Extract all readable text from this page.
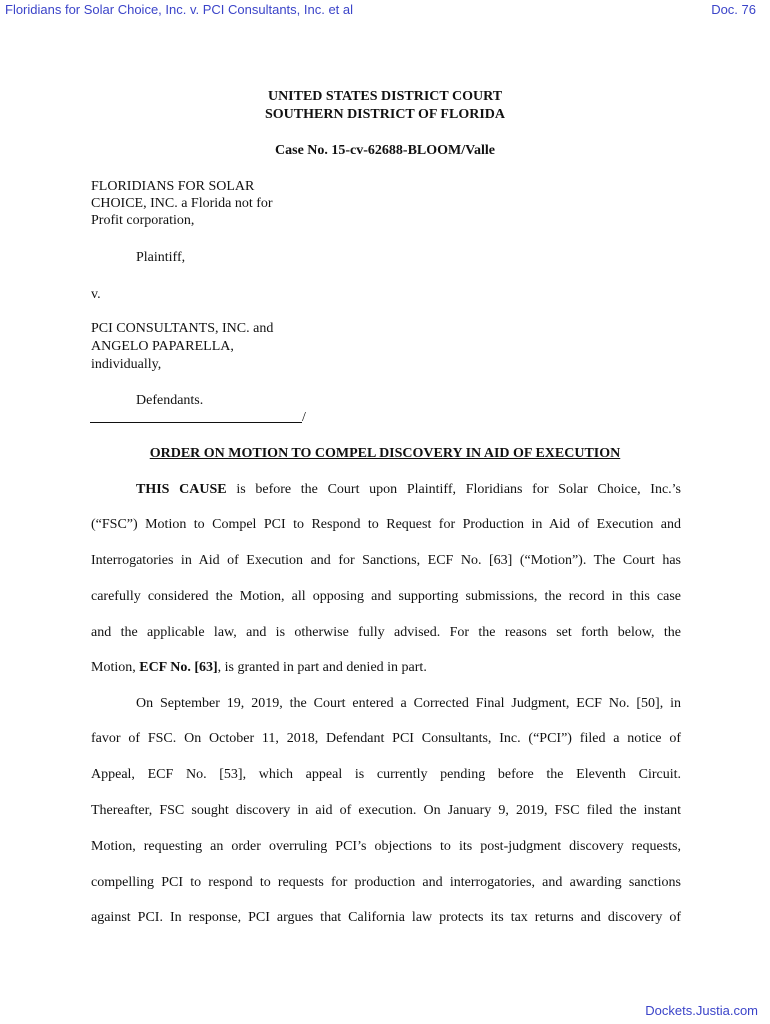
Floridians for Solar Choice, Inc. v. PCI Consultants, Inc. et al	Doc. 76
UNITED STATES DISTRICT COURT
SOUTHERN DISTRICT OF FLORIDA
Case No. 15-cv-62688-BLOOM/Valle
FLORIDIANS FOR SOLAR
CHOICE, INC. a Florida not for
Profit corporation,
Plaintiff,
v.
PCI CONSULTANTS, INC. and
ANGELO PAPARELLA,
individually,
Defendants.
/
ORDER ON MOTION TO COMPEL DISCOVERY IN AID OF EXECUTION
THIS CAUSE is before the Court upon Plaintiff, Floridians for Solar Choice, Inc.’s
(“FSC”) Motion to Compel PCI to Respond to Request for Production in Aid of Execution and
Interrogatories in Aid of Execution and for Sanctions, ECF No. [63] (“Motion”). The Court has
carefully considered the Motion, all opposing and supporting submissions, the record in this case
and the applicable law, and is otherwise fully advised. For the reasons set forth below, the
Motion, ECF No. [63], is granted in part and denied in part.
On September 19, 2019, the Court entered a Corrected Final Judgment, ECF No. [50], in
favor of FSC. On October 11, 2018, Defendant PCI Consultants, Inc. (“PCI”) filed a notice of
Appeal, ECF No. [53], which appeal is currently pending before the Eleventh Circuit.
Thereafter, FSC sought discovery in aid of execution. On January 9, 2019, FSC filed the instant
Motion, requesting an order overruling PCI’s objections to its post-judgment discovery requests,
compelling PCI to respond to requests for production and interrogatories, and awarding sanctions
against PCI. In response, PCI argues that California law protects its tax returns and discovery of
Dockets.Justia.com
